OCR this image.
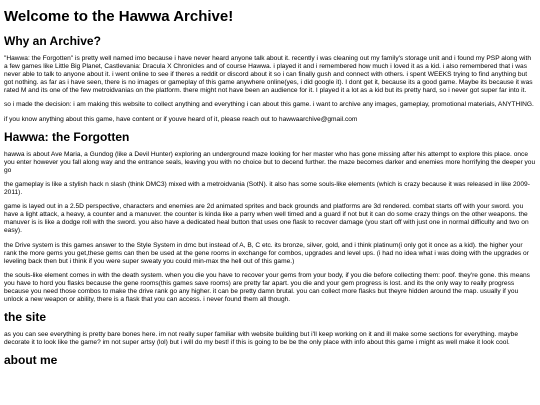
Welcome to the Hawwa Archive!
Why an Archive?

"Hawwa: the Forgotten" is pretty well named imo because i have never heard anyone talk about it. recently i was cleaning out my family's storage unit and i found my PSP along with a few games like Little Big Planet, Castlevania: Dracula X Chronicles and of course Hawwa. i played it and i remembered how much i loved it as a kid. i also remembered that i was never able to talk to anyone about it. i went online to see if theres a reddit or discord about it so i can finally gush and connect with others. i spent WEEKS trying to find anything but got nothing. as far as i have seen, there is no images or gameplay of this game anywhere online(yes, i did google it). I dont get it, because its a good game. Maybe its because it was rated M and its one of the few metroidvanias on the platform. there might not have been an audience for it. I played it a lot as a kid but its pretty hard, so i never got super far into it.

so i made the decision: i am making this website to collect anything and everything i can about this game. i want to archive any images, gameplay, promotional materials, ANYTHING.

if you know anything about this game, have content or if youve heard of it, please reach out to hawwaarchive@gmail.com

Hawwa: the Forgotten

hawwa is about Ave Maria, a Gundog (like a Devil Hunter) exploring an underground maze looking for her master who has gone missing after his attempt to explore this place. once you enter however you fall along way and the entrance seals, leaving you with no choice but to decend further. the maze becomes darker and enemies more horrifying the deeper you go

the gameplay is like a stylish hack n slash (think DMC3) mixed with a metroidvania (SotN). it also has some souls-like elements (which is crazy because it was released in like 2009-2011).

game is layed out in a 2.5D perspective, characters and enemies are 2d animated sprites and back grounds and platforms are 3d rendered. combat starts off with your sword. you have a light attack, a heavy, a counter and a manuver. the counter is kinda like a parry when well timed and a guard if not but it can do some crazy things on the other weapons. the manuver is is like a dodge roll with the sword. you also have a dedicated heal button that uses one flask to recover damage (you start off with just one in normal difficulty and two on easy).

the Drive system is this games answer to the Style System in dmc but instead of A, B, C etc. its bronze, silver, gold, and i think platinum(i only got it once as a kid). the higher your rank the more gems you get,these gems can then be used at the gene rooms in exchange for combos, upgrades and level ups. (i had no idea what i was doing with the upgrades or leveling back then but i think if you were super sweaty you could min-max the hell out of this game.)

the souls-like element comes in with the death system. when you die you have to recover your gems from your body, if you die before collecting them: poof. they're gone. this means you have to hord you flasks because the gene rooms(this games save rooms) are pretty far apart. you die and your gem progress is lost. and its the only way to really progress because you need those combos to make the drive rank go any higher. it can be pretty damn brutal. you can collect more flasks but theyre hidden around the map. usually if you unlock a new weapon or ability, there is a flask that you can access. i never found them all though.

the site

as you can see everything is pretty bare bones here. im not really super familiar with website building but i'll keep working on it and ill make some sections for everything. maybe decorate it to look like the game? im not super artsy (lol) but i will do my best! if this is going to be be the only place with info about this game i might as well make it look cool.

about me
